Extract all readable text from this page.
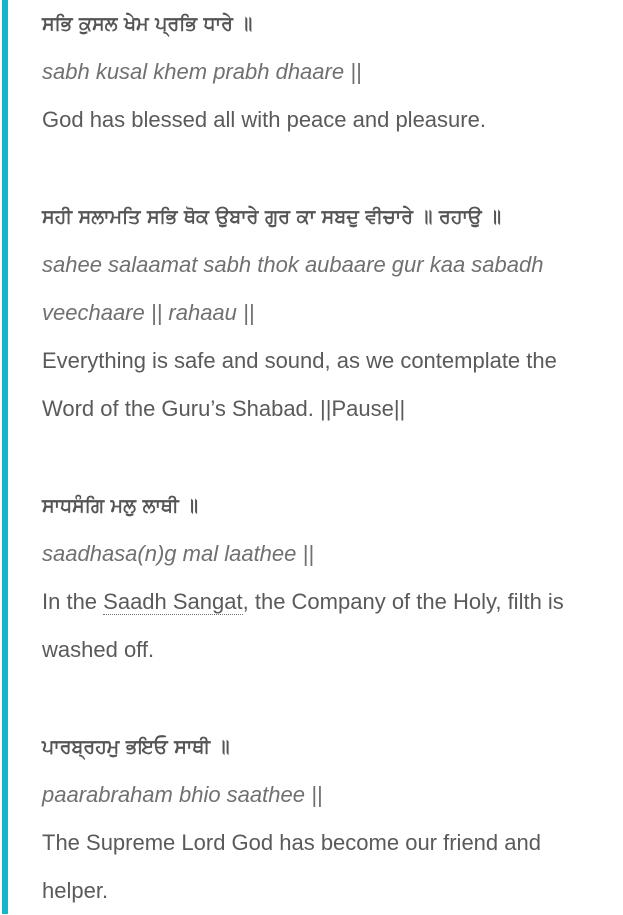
ਸਭਿ ਕੁਸਲ ਖੇਮ ਪ੍ਰਭਿ ਧਾਰੇ ॥
sabh kusal khem prabh dhaare ||
God has blessed all with peace and pleasure.
ਸਹੀ ਸਲਾਮਤਿ ਸਭਿ ਥੋਕ ਉਬਾਰੇ ਗੁਰ ਕਾ ਸਬਦੁ ਵੀਚਾਰੇ ॥ ਰਹਾਉ ॥
sahee salaamat sabh thok aubaare gur kaa sabadh
veechaare || rahaau ||
Everything is safe and sound, as we contemplate the
Word of the Guru’s Shabad. ||Pause||
ਸਾਧਸੰਗਿ ਮਲੁ ਲਾਥੀ ॥
saadhasa(n)g mal laathee ||
In the Saadh Sangat, the Company of the Holy, filth is
washed off.
ਪਾਰਬ੍ਰਹਮੁ ਭਇਓ ਸਾਥੀ ॥
paarabraham bhio saathee ||
The Supreme Lord God has become our friend and
helper.
